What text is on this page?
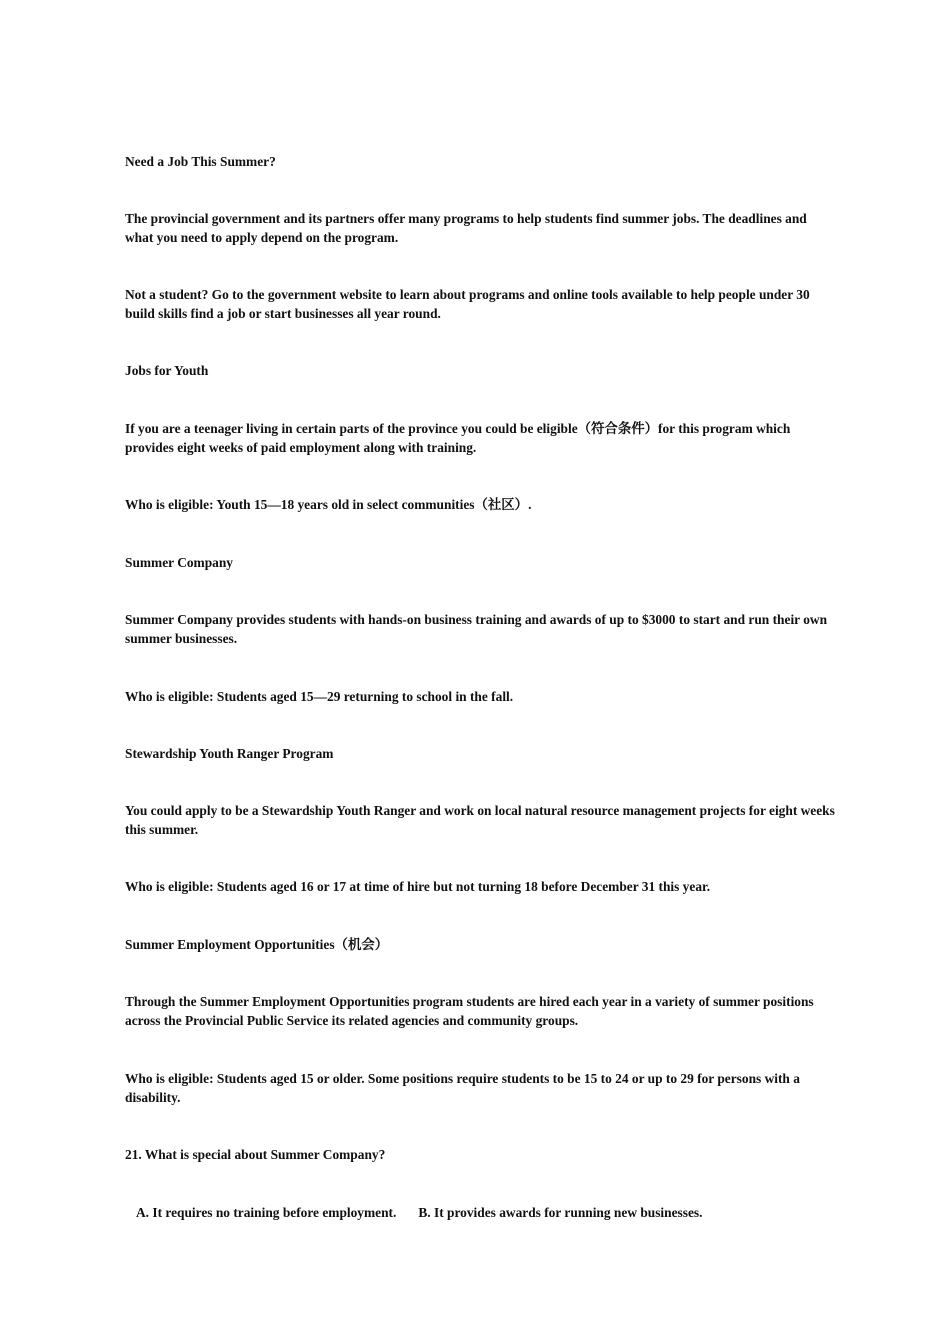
Need a Job This Summer?

The provincial government and its partners offer many programs to help students find summer jobs. The deadlines and what you need to apply depend on the program.

Not a student? Go to the government website to learn about programs and online tools available to help people under 30 build skills find a job or start businesses all year round.

Jobs for Youth

If you are a teenager living in certain parts of the province you could be eligible（符合条件）for this program which provides eight weeks of paid employment along with training.

Who is eligible: Youth 15—18 years old in select communities（社区）.

Summer Company

Summer Company provides students with hands-on business training and awards of up to $3000 to start and run their own summer businesses.

Who is eligible: Students aged 15—29 returning to school in the fall.

Stewardship Youth Ranger Program

You could apply to be a Stewardship Youth Ranger and work on local natural resource management projects for eight weeks this summer.

Who is eligible: Students aged 16 or 17 at time of hire but not turning 18 before December 31 this year.

Summer Employment Opportunities（机会）

Through the Summer Employment Opportunities program students are hired each year in a variety of summer positions across the Provincial Public Service its related agencies and community groups.

Who is eligible: Students aged 15 or older. Some positions require students to be 15 to 24 or up to 29 for persons with a disability.

21. What is special about Summer Company?

A. It requires no training before employment. B. It provides awards for running new businesses.
